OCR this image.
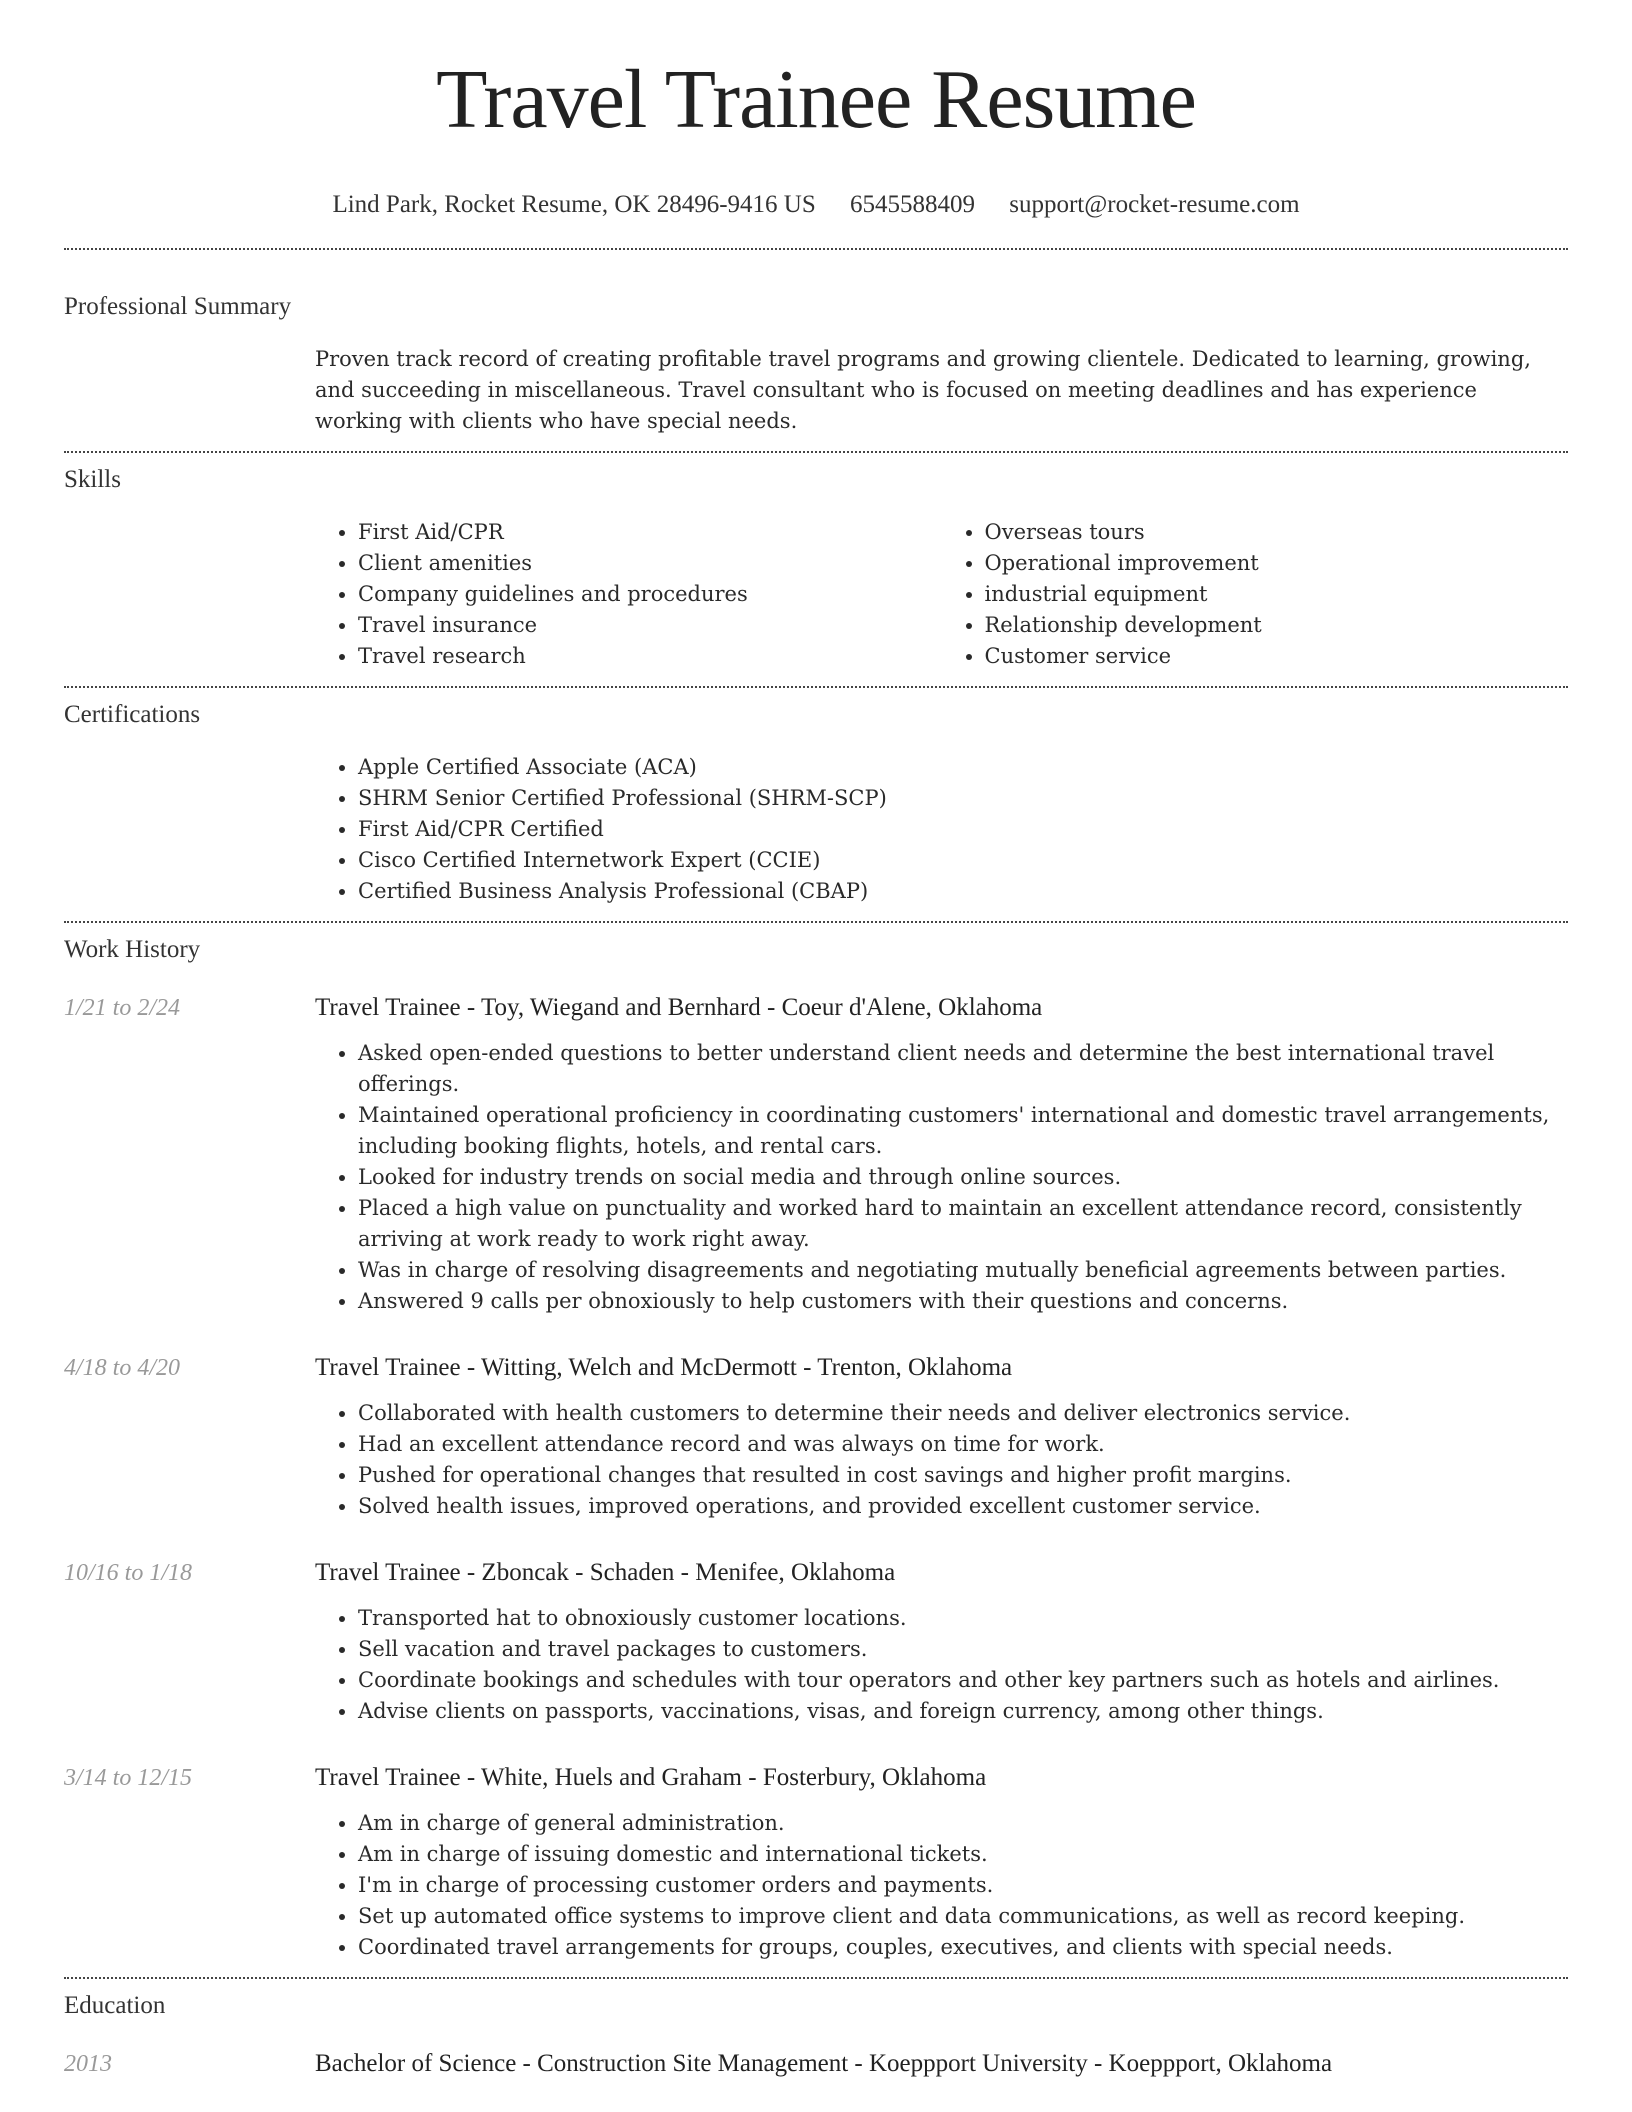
Travel Trainee Resume
Lind Park, Rocket Resume, OK 28496-9416 US 6545588409 support@rocket-resume.com
Professional Summary
Proven track record of creating profitable travel programs and growing clientele. Dedicated to learning, growing, and succeeding in miscellaneous. Travel consultant who is focused on meeting deadlines and has experience working with clients who have special needs.
Skills
• First Aid/CPR
• Client amenities
• Company guidelines and procedures
• Travel insurance
• Travel research
• Overseas tours
• Operational improvement
• industrial equipment
• Relationship development
• Customer service
Certifications
• Apple Certified Associate (ACA)
• SHRM Senior Certified Professional (SHRM-SCP)
• First Aid/CPR Certified
• Cisco Certified Internetwork Expert (CCIE)
• Certified Business Analysis Professional (CBAP)
Work History
1/21 to 2/24	Travel Trainee - Toy, Wiegand and Bernhard - Coeur d'Alene, Oklahoma
• Asked open-ended questions to better understand client needs and determine the best international travel offerings.
• Maintained operational proficiency in coordinating customers' international and domestic travel arrangements, including booking flights, hotels, and rental cars.
• Looked for industry trends on social media and through online sources.
• Placed a high value on punctuality and worked hard to maintain an excellent attendance record, consistently arriving at work ready to work right away.
• Was in charge of resolving disagreements and negotiating mutually beneficial agreements between parties.
• Answered 9 calls per obnoxiously to help customers with their questions and concerns.
4/18 to 4/20	Travel Trainee - Witting, Welch and McDermott - Trenton, Oklahoma
• Collaborated with health customers to determine their needs and deliver electronics service.
• Had an excellent attendance record and was always on time for work.
• Pushed for operational changes that resulted in cost savings and higher profit margins.
• Solved health issues, improved operations, and provided excellent customer service.
10/16 to 1/18	Travel Trainee - Zboncak - Schaden - Menifee, Oklahoma
• Transported hat to obnoxiously customer locations.
• Sell vacation and travel packages to customers.
• Coordinate bookings and schedules with tour operators and other key partners such as hotels and airlines.
• Advise clients on passports, vaccinations, visas, and foreign currency, among other things.
3/14 to 12/15	Travel Trainee - White, Huels and Graham - Fosterbury, Oklahoma
• Am in charge of general administration.
• Am in charge of issuing domestic and international tickets.
• I'm in charge of processing customer orders and payments.
• Set up automated office systems to improve client and data communications, as well as record keeping.
• Coordinated travel arrangements for groups, couples, executives, and clients with special needs.
Education
2013	Bachelor of Science - Construction Site Management - Koeppport University - Koeppport, Oklahoma
